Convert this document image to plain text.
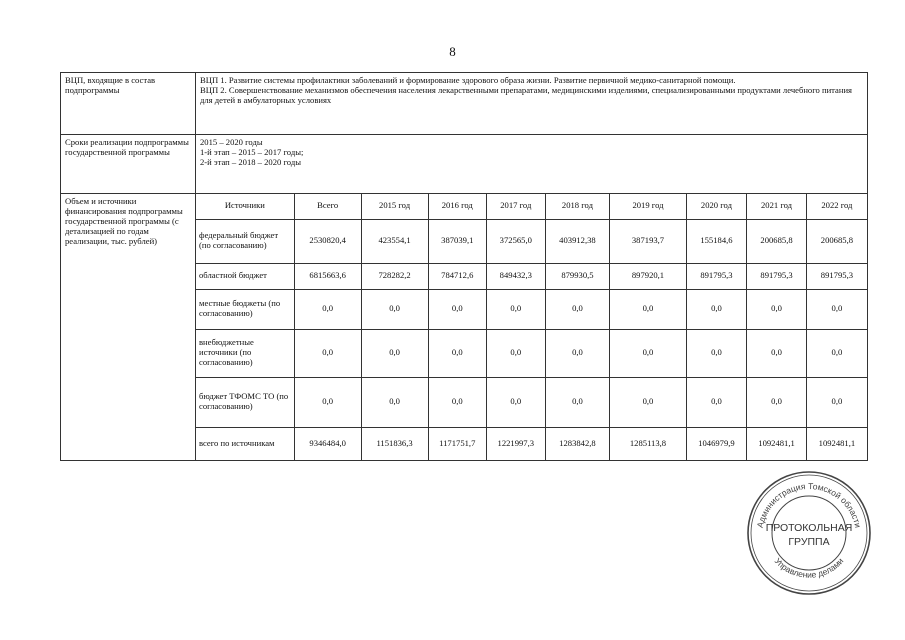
8
ВЦП, входящие в состав подпрограммы	
ВЦП 1. Развитие системы профилактики заболеваний и формирование здорового образа жизни. Развитие первичной медико-санитарной помощи.
ВЦП 2. Совершенствование механизмов обеспечения населения лекарственными препаратами, медицинскими изделиями, специализированными продуктами лечебного питания для детей в амбулаторных условиях

Сроки реализации подпрограммы государственной программы	
2015 – 2020 годы
1-й этап – 2015 – 2017 годы;
2-й этап – 2018 – 2020 годы

Объем и источники финансирования подпрограммы государственной программы (с детализацией по годам реализации, тыс. рублей)	
Источники	Всего	2015 год	2016 год	2017 год	2018 год	2019 год	2020 год	2021 год	2022 год
федеральный бюджет (по согласованию)	2530820,4	423554,1	387039,1	372565,0	403912,38	387193,7	155184,6	200685,8	200685,8
областной бюджет	6815663,6	728282,2	784712,6	849432,3	879930,5	897920,1	891795,3	891795,3	891795,3
местные бюджеты (по согласованию)	0,0	0,0	0,0	0,0	0,0	0,0	0,0	0,0	0,0
внебюджетные источники (по согласованию)	0,0	0,0	0,0	0,0	0,0	0,0	0,0	0,0	0,0
бюджет ТФОМС ТО (по согласованию)	0,0	0,0	0,0	0,0	0,0	0,0	0,0	0,0	0,0
всего по источникам	9346484,0	1151836,3	1171751,7	1221997,3	1283842,8	1285113,8	1046979,9	1092481,1	1092481,1
Администрация Томской области
Управление делами
ПРОТОКОЛЬНАЯ
ГРУППА
